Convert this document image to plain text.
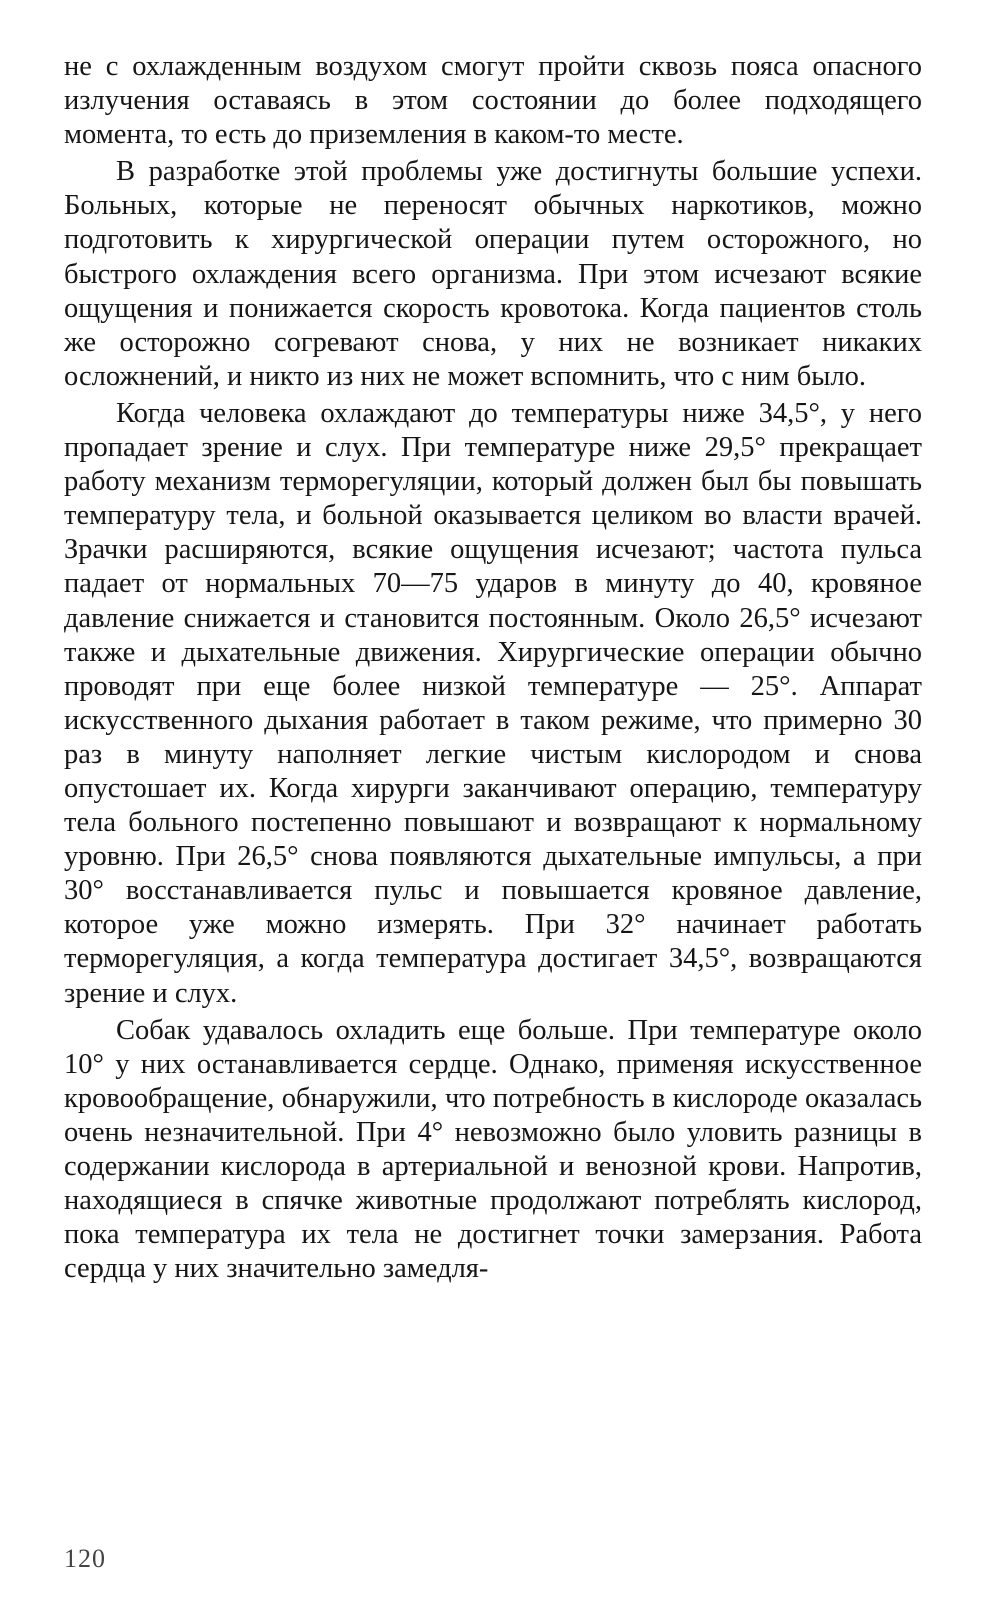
не с охлажденным воздухом смогут пройти сквозь пояса опасного излучения оставаясь в этом состоянии до более подходящего момента, то есть до приземления в каком-то месте.

В разработке этой проблемы уже достигнуты большие успехи. Больных, которые не переносят обычных наркотиков, можно подготовить к хирургической операции путем осторожного, но быстрого охлаждения всего организма. При этом исчезают всякие ощущения и понижается скорость кровотока. Когда пациентов столь же осторожно согревают снова, у них не возникает никаких осложнений, и никто из них не может вспомнить, что с ним было.

Когда человека охлаждают до температуры ниже 34,5°, у него пропадает зрение и слух. При температуре ниже 29,5° прекращает работу механизм терморегуляции, который должен был бы повышать температуру тела, и больной оказывается целиком во власти врачей. Зрачки расширяются, всякие ощущения исчезают; частота пульса падает от нормальных 70—75 ударов в минуту до 40, кровяное давление снижается и становится постоянным. Около 26,5° исчезают также и дыхательные движения. Хирургические операции обычно проводят при еще более низкой температуре — 25°. Аппарат искусственного дыхания работает в таком режиме, что примерно 30 раз в минуту наполняет легкие чистым кислородом и снова опустошает их. Когда хирурги заканчивают операцию, температуру тела больного постепенно повышают и возвращают к нормальному уровню. При 26,5° снова появляются дыхательные импульсы, а при 30° восстанавливается пульс и повышается кровяное давление, которое уже можно измерять. При 32° начинает работать терморегуляция, а когда температура достигает 34,5°, возвращаются зрение и слух.

Собак удавалось охладить еще больше. При температуре около 10° у них останавливается сердце. Однако, применяя искусственное кровообращение, обнаружили, что потребность в кислороде оказалась очень незначительной. При 4° невозможно было уловить разницы в содержании кислорода в артериальной и венозной крови. Напротив, находящиеся в спячке животные продолжают потреблять кислород, пока температура их тела не достигнет точки замерзания. Работа сердца у них значительно замедля-

120
